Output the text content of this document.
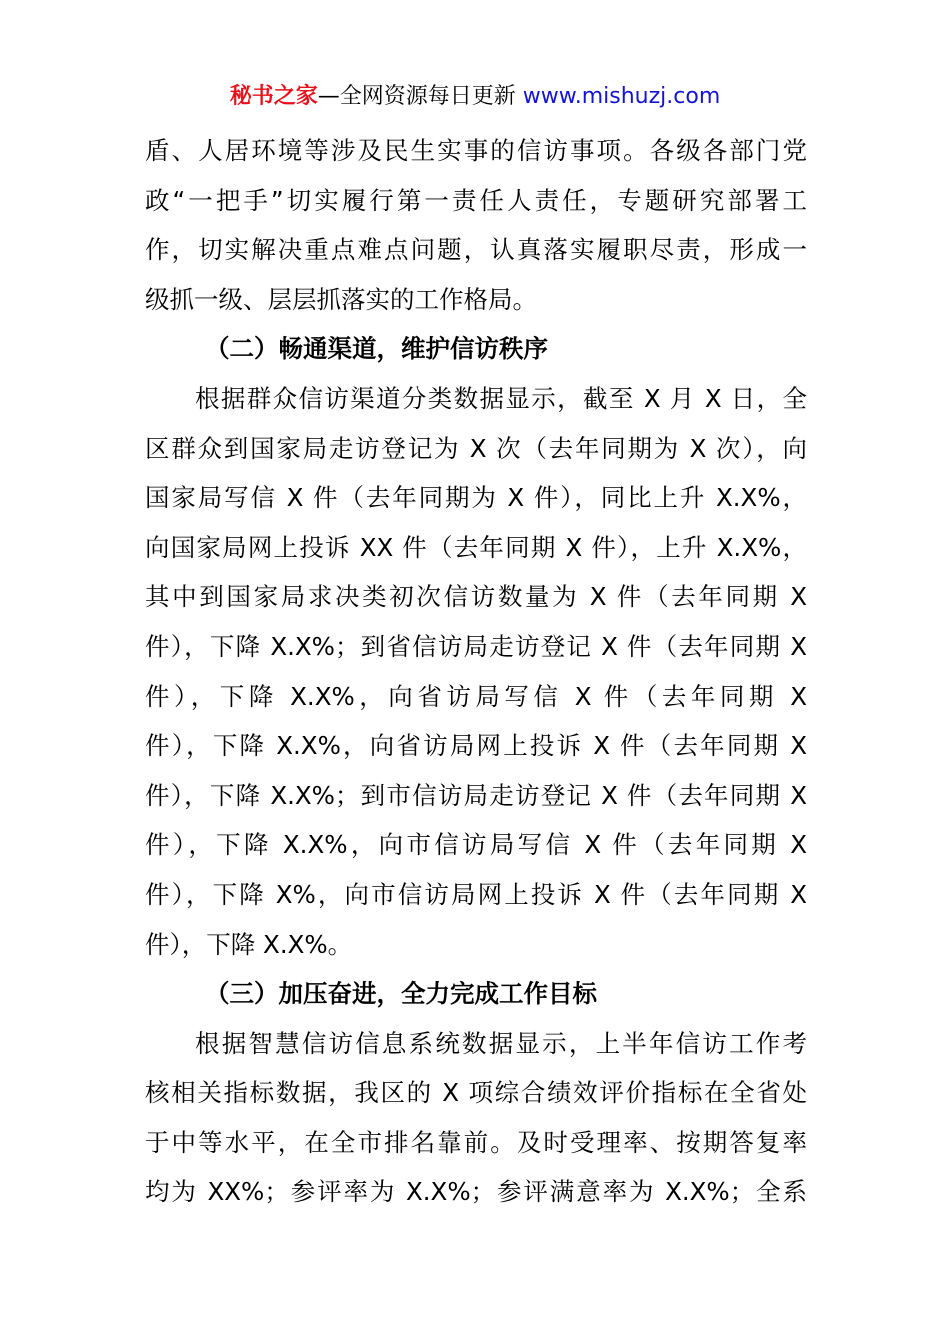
秘书之家—全网资源每日更新 www.mishuzj.com
盾、人居环境等涉及民生实事的信访事项。各级各部门党
政“一把手”切实履行第一责任人责任，专题研究部署工
作，切实解决重点难点问题，认真落实履职尽责，形成一
级抓一级、层层抓落实的工作格局。
（二）畅通渠道，维护信访秩序
根据群众信访渠道分类数据显示，截至 X 月 X 日，全
区群众到国家局走访登记为 X 次（去年同期为 X 次），向
国家局写信 X 件（去年同期为 X 件），同比上升 X.X%，
向国家局网上投诉 XX 件（去年同期 X 件），上升 X.X%，
其中到国家局求决类初次信访数量为 X 件（去年同期 X
件），下降 X.X%；到省信访局走访登记 X 件（去年同期 X
件），下降 X.X%，向省访局写信 X 件（去年同期 X
件），下降 X.X%，向省访局网上投诉 X 件（去年同期 X
件），下降 X.X%；到市信访局走访登记 X 件（去年同期 X
件），下降 X.X%，向市信访局写信 X 件（去年同期 X
件），下降 X%，向市信访局网上投诉 X 件（去年同期 X
件），下降 X.X%。
（三）加压奋进，全力完成工作目标
根据智慧信访信息系统数据显示，上半年信访工作考
核相关指标数据，我区的 X 项综合绩效评价指标在全省处
于中等水平，在全市排名靠前。及时受理率、按期答复率
均为 XX%；参评率为 X.X%；参评满意率为 X.X%；全系
